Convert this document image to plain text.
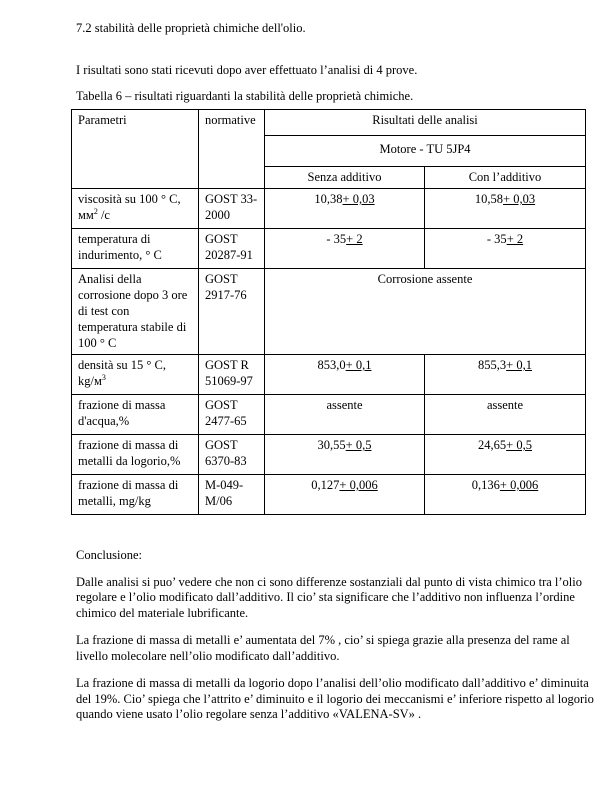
7.2 stabilità delle proprietà chimiche dell'olio.
I risultati sono stati ricevuti dopo aver effettuato l’analisi di 4 prove.
Tabella 6 – risultati riguardanti la stabilità delle proprietà chimiche.
Parametri	normative	Risultati delle analisi	
		Motore - TU 5JP4	
		Senza additivo	Con l’additivo
viscosità su 100 ° C,
$мм^2$ /c	GOST 33-2000	10,38+ 0,03	10,58+ 0,03
temperatura di indurimento, ° C	GOST 20287-91	- 35+ 2	- 35+ 2
Analisi della corrosione dopo 3 ore di test con temperatura stabile di 100 ° C	GOST 2917-76	Corrosione assente	
densità su 15 ° C,
$kg/м^3$	GOST R 51069-97	853,0+ 0,1	855,3+ 0,1
frazione di massa d'acqua,%	GOST 2477-65	assente	assente
frazione di massa di metalli da logorio,%	GOST 6370-83	30,55+ 0,5	24,65+ 0,5
frazione di massa di metalli, mg/kg	M-049-M/06	0,127+ 0,006	0,136+ 0,006

Conclusione:

Dalle analisi si puo’ vedere che non ci sono differenze sostanziali dal punto di vista chimico tra l’olio regolare e l’olio modificato dall’additivo. Il cio’ sta significare che l’additivo non influenza l’ordine chimico del materiale lubrificante.

La frazione di massa di metalli e’ aumentata del 7% , cio’ si spiega grazie alla presenza del rame al livello molecolare nell’olio modificato dall’additivo.

La frazione di massa di metalli da logorio dopo l’analisi dell’olio modificato dall’additivo e’ diminuita del 19%. Cio’ spiega che l’attrito e’ diminuito e il logorio dei meccanismi e’ inferiore rispetto al logorio quando viene usato l’olio regolare senza l’additivo «VALENA-SV» .
